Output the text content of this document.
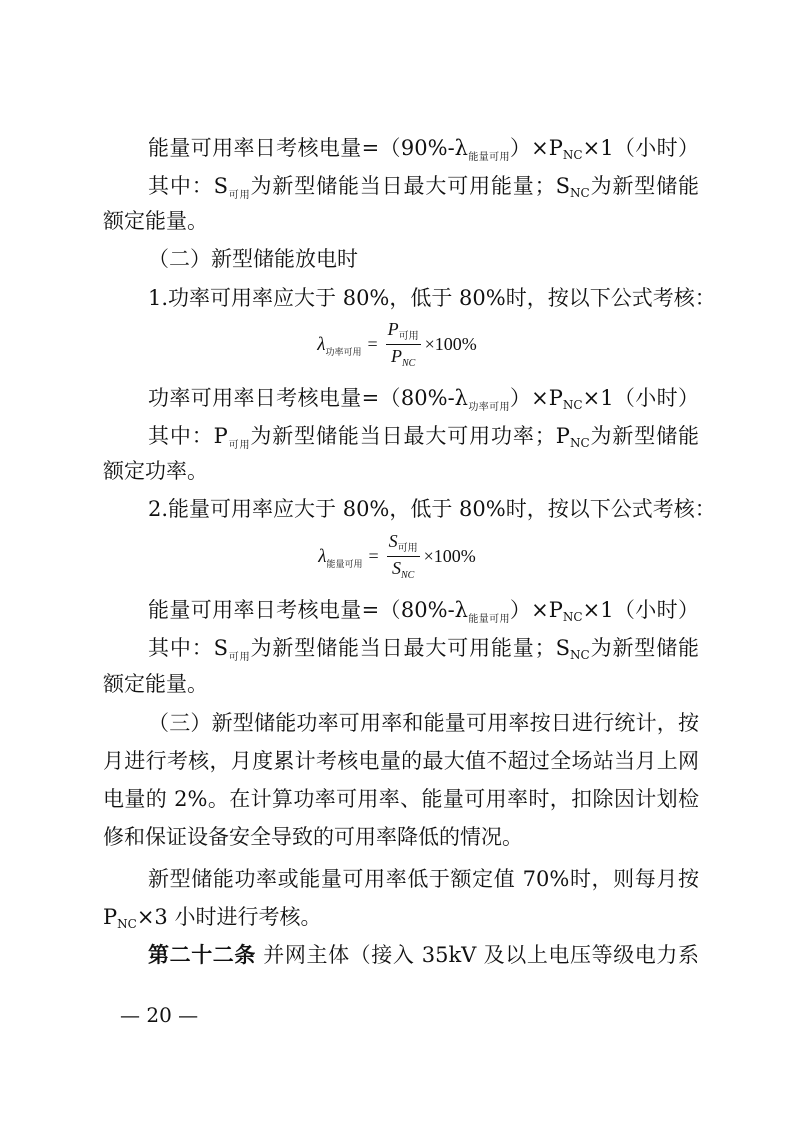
能量可用率日考核电量$=(90\%-\lambda_{能量可用})\times PNC\times 1$（小时）
其中：$S_{可用}$为新型储能当日最大可用能量；SNC为新型储能
额定能量。
（二）新型储能放电时
1.功率可用率应大于 80%，低于 80%时，按以下公式考核：
$\lambda_{功率可用} = \frac{P_{可用}}{P_{NC}} \times 100\%$
功率可用率日考核电量$=(80\%-\lambda_{功率可用})\times PNC\times 1$（小时）
其中：$P_{可用}$为新型储能当日最大可用功率；PNC为新型储能
额定功率。
2.能量可用率应大于 80%，低于 80%时，按以下公式考核：
$\lambda_{能量可用} = \frac{S_{可用}}{S_{NC}} \times 100\%$
能量可用率日考核电量$=(80\%-\lambda_{能量可用})\times PNC\times 1$（小时）
其中：$S_{可用}$为新型储能当日最大可用能量；SNC为新型储能
额定能量。
（三）新型储能功率可用率和能量可用率按日进行统计，按
月进行考核，月度累计考核电量的最大值不超过全场站当月上网
电量的 2%。在计算功率可用率、能量可用率时，扣除因计划检
修和保证设备安全导致的可用率降低的情况。
新型储能功率或能量可用率低于额定值 70%时，则每月按
PNC×3 小时进行考核。
第二十二条 并网主体（接入 35kV 及以上电压等级电力系
— 20 —
